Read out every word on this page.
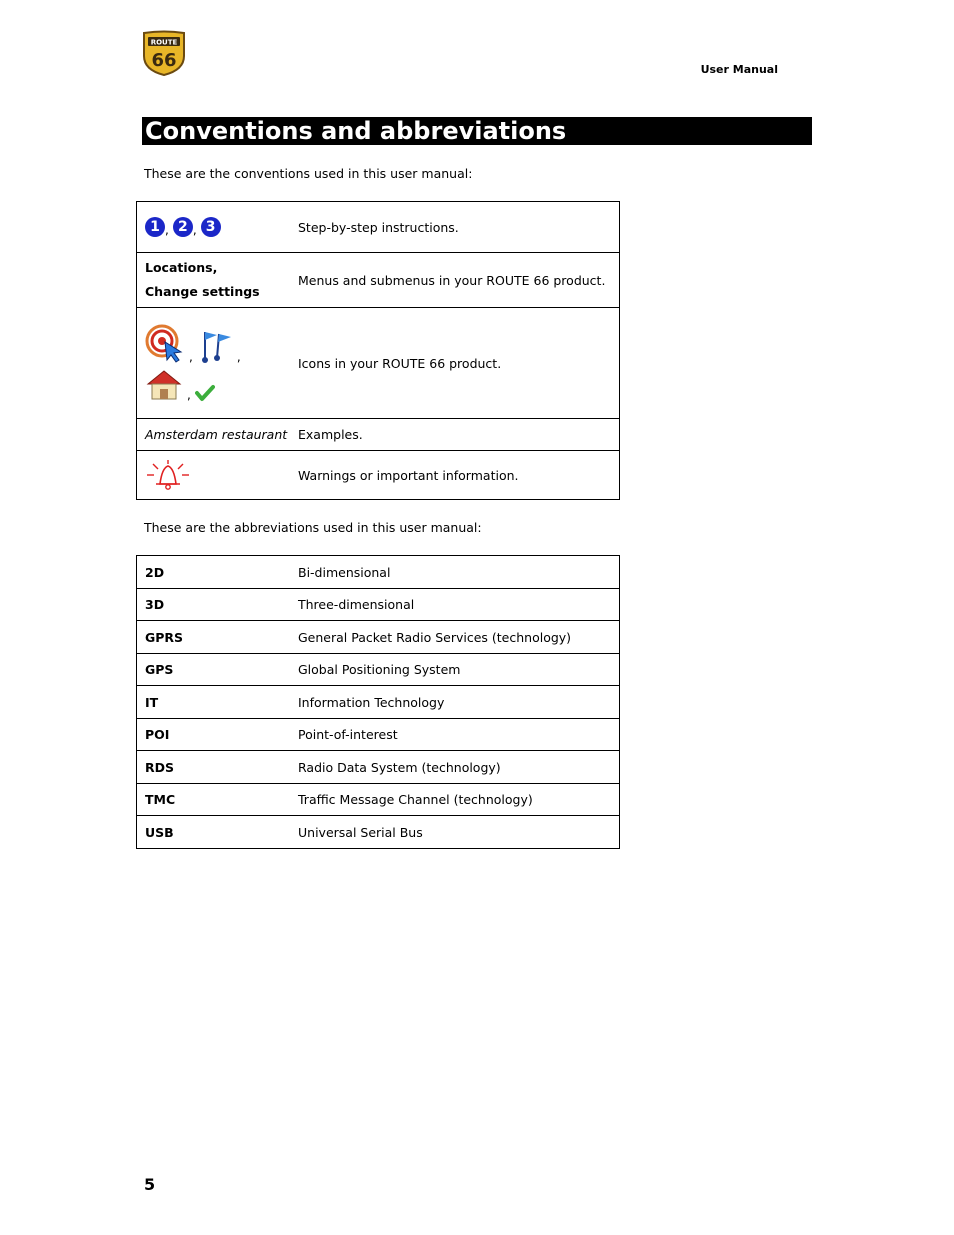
ROUTE
66	User Manual
Conventions and abbreviations
These are the conventions used in this user manual:
1 , 2 , 3	Step-by-step instructions.

Locations,
Change settings	Menus and submenus in your ROUTE 66 product.

, ,
,	Icons in your ROUTE 66 product.
Amsterdam restaurant	Examples.

	Warnings or important information.
These are the abbreviations used in this user manual:
2D	Bi-dimensional
3D	Three-dimensional
GPRS	General Packet Radio Services (technology)
GPS	Global Positioning System
IT	Information Technology
POI	Point-of-interest
RDS	Radio Data System (technology)
TMC	Traffic Message Channel (technology)
USB	Universal Serial Bus
5
